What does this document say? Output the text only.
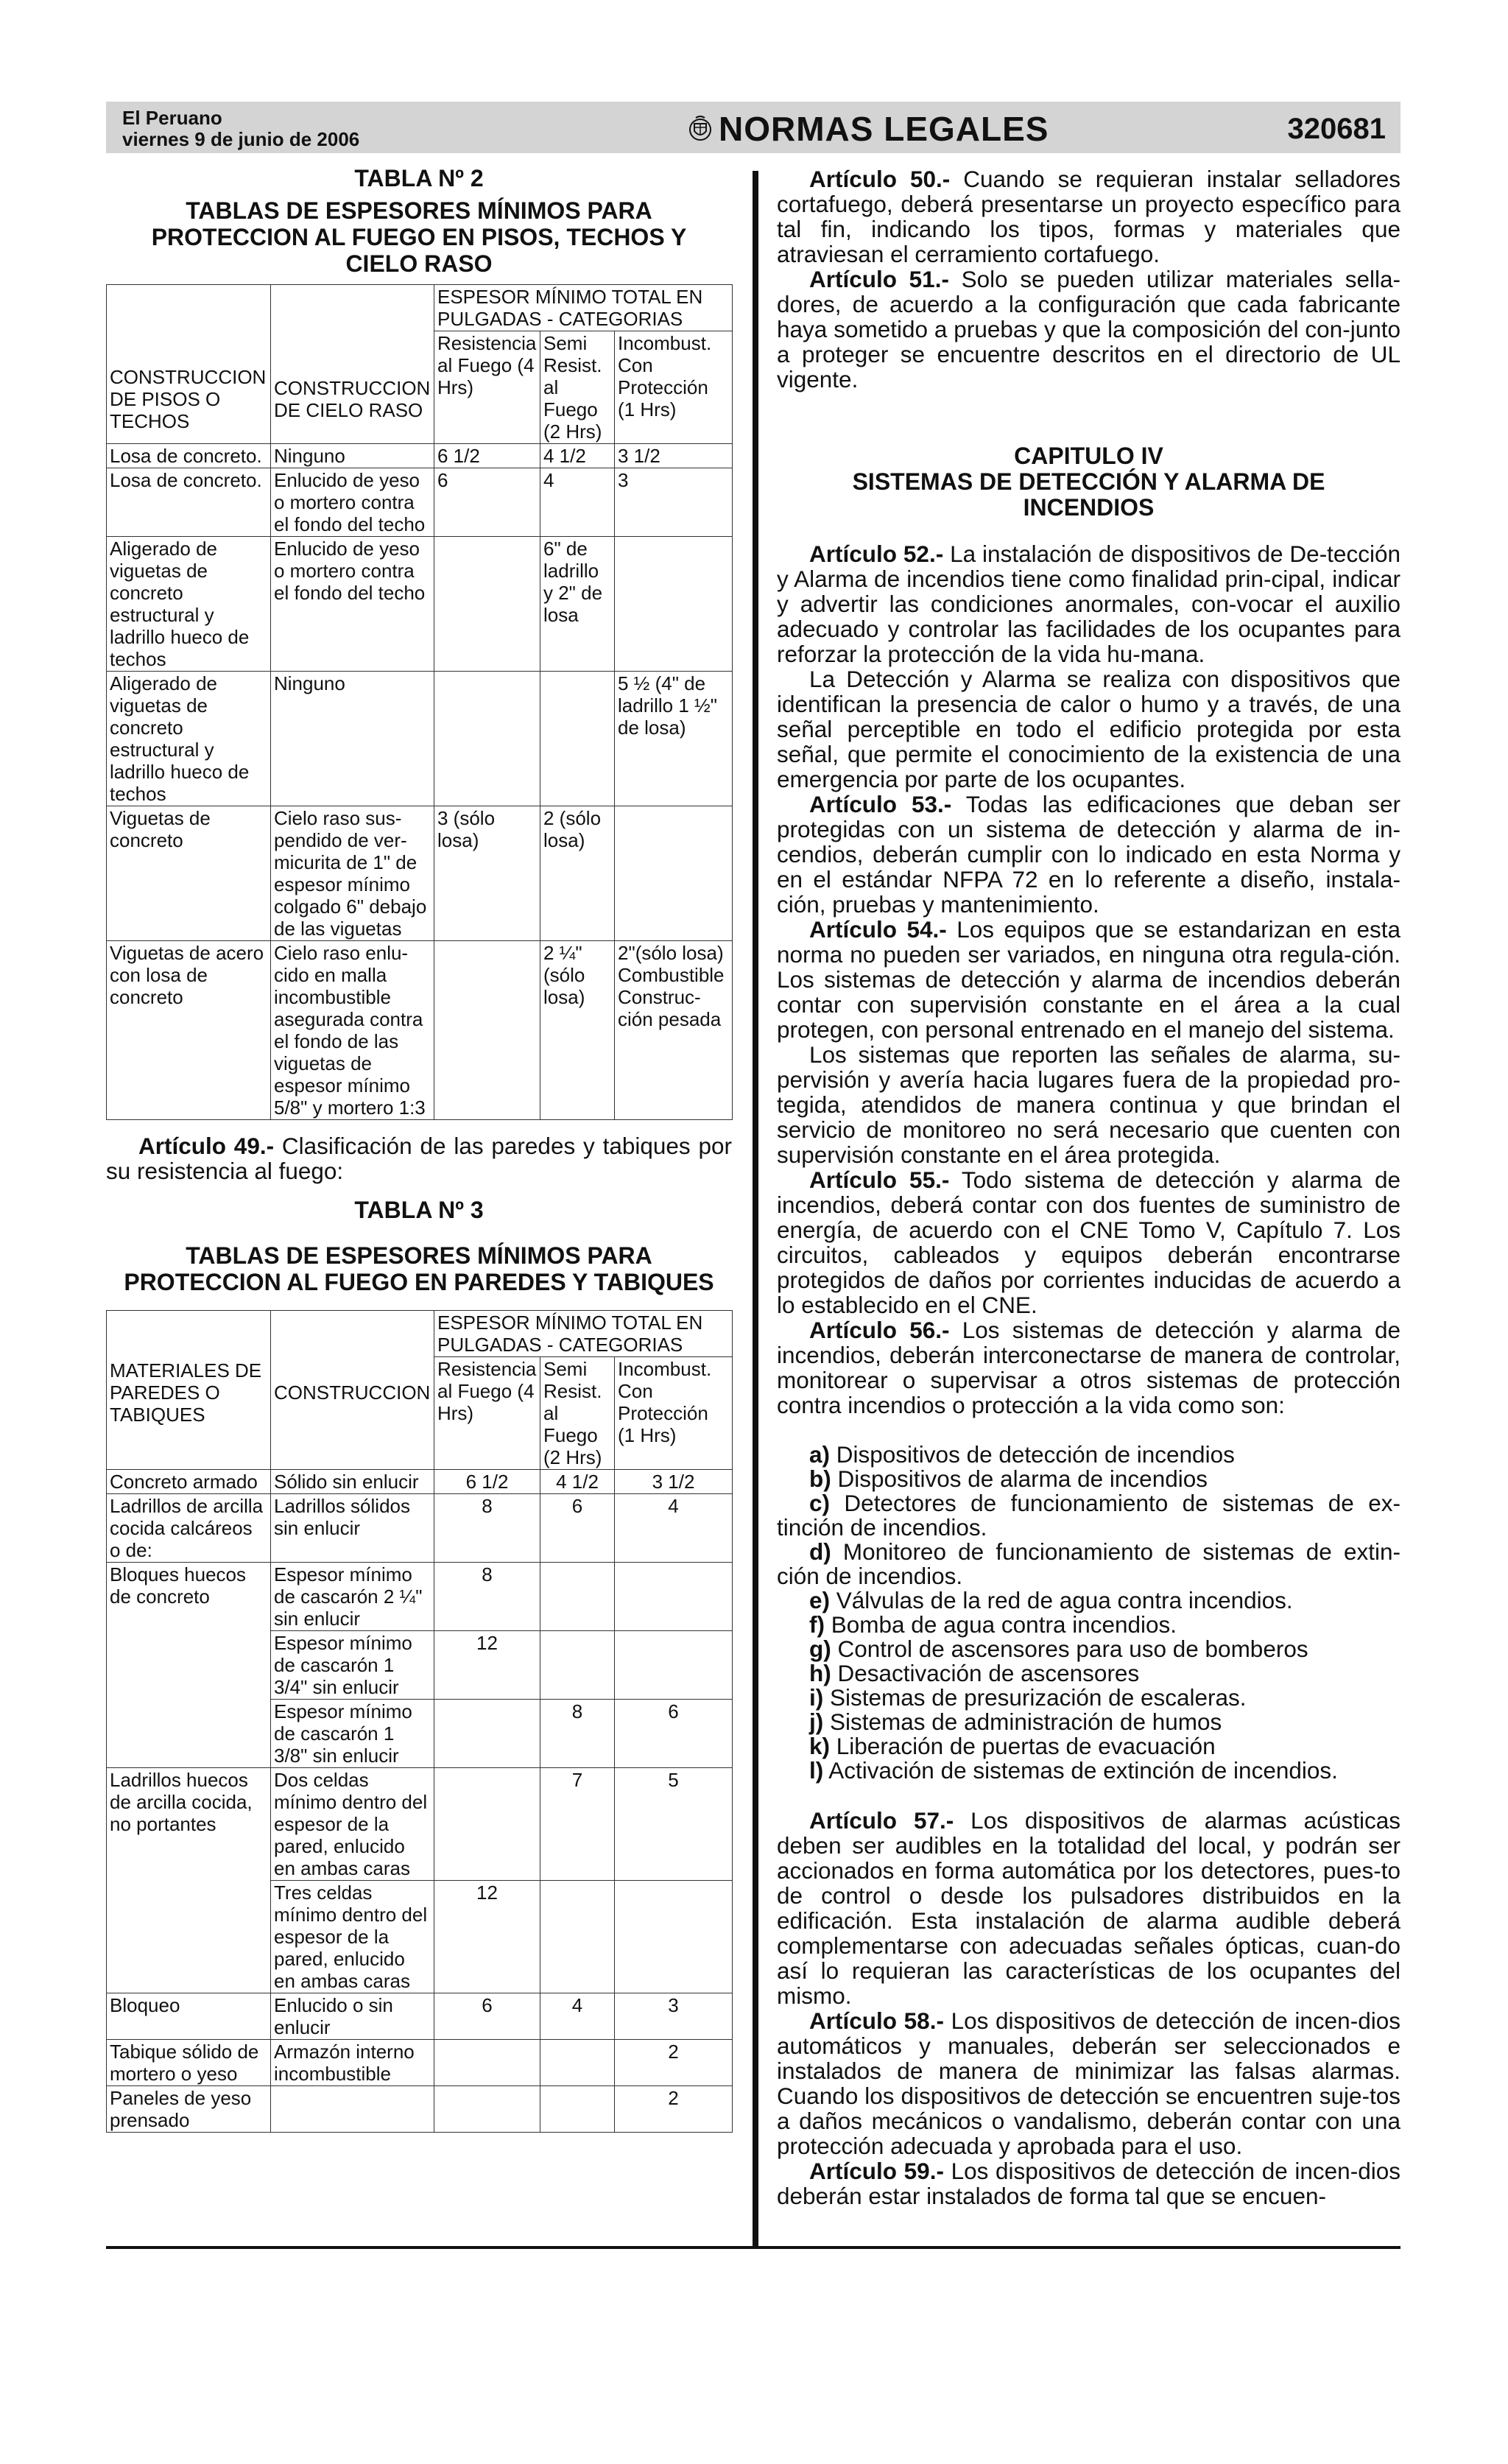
El Peruano
viernes 9 de junio de 2006	NORMAS LEGALES	320681

TABLA Nº 2

TABLAS DE ESPESORES MÍNIMOS PARA PROTECCION AL FUEGO EN PISOS, TECHOS Y CIELO RASO

CONSTRUCCION DE PISOS O TECHOS	CONSTRUCCION DE CIELO RASO	ESPESOR MÍNIMO TOTAL EN PULGADAS - CATEGORIAS		
		Resistencia al Fuego (4 Hrs)	Semi Resist. al Fuego (2 Hrs)	Incombust. Con Protección (1 Hrs)
Losa de concreto.	Ninguno	6 1/2	4 1/2	3 1/2
Losa de concreto.	Enlucido de yeso o mortero contra el fondo del techo	6	4	3
Aligerado de viguetas de concreto estructural y ladrillo hueco de techos	Enlucido de yeso o mortero contra el fondo del techo		6" de ladrillo y 2" de losa	
Aligerado de viguetas de concreto estructural y ladrillo hueco de techos	Ninguno			5 ½ (4" de ladrillo 1 ½" de losa)
Viguetas de concreto	Cielo raso sus-pendido de ver-micurita de 1" de espesor mínimo colgado 6" debajo de las viguetas	3 (sólo losa)	2 (sólo losa)	
Viguetas de acero con losa de concreto	Cielo raso enlu-cido en malla incombustible asegurada contra el fondo de las viguetas de espesor mínimo 5/8" y mortero 1:3		2 ¼" (sólo losa)	2"(sólo losa) Combustible Construc-ción pesada

Artículo 49.- Clasificación de las paredes y tabiques por su resistencia al fuego:

TABLA Nº 3

TABLAS DE ESPESORES MÍNIMOS PARA PROTECCION AL FUEGO EN PAREDES Y TABIQUES

MATERIALES DE PAREDES O TABIQUES	CONSTRUCCION	ESPESOR MÍNIMO TOTAL EN PULGADAS - CATEGORIAS		
		Resistencia al Fuego (4 Hrs)	Semi Resist. al Fuego (2 Hrs)	Incombust. Con Protección (1 Hrs)
Concreto armado	Sólido sin enlucir	6 1/2	4 1/2	3 1/2
Ladrillos de arcilla cocida calcáreos o de:	Ladrillos sólidos sin enlucir	8	6	4
Bloques huecos de concreto	Espesor mínimo de cascarón 2 ¼" sin enlucir	8		
	Espesor mínimo de cascarón 1 3/4" sin enlucir	12		
	Espesor mínimo de cascarón 1 3/8" sin enlucir		8	6
Ladrillos huecos de arcilla cocida, no portantes	Dos celdas mínimo dentro del espesor de la pared, enlucido en ambas caras		7	5
	Tres celdas mínimo dentro del espesor de la pared, enlucido en ambas caras	12		
Bloqueo	Enlucido o sin enlucir	6	4	3
Tabique sólido de mortero o yeso	Armazón interno incombustible			2
Paneles de yeso prensado				2

Artículo 50.- Cuando se requieran instalar selladores cortafuego, deberá presentarse un proyecto específico para tal fin, indicando los tipos, formas y materiales que atraviesan el cerramiento cortafuego.

Artículo 51.- Solo se pueden utilizar materiales sella-dores, de acuerdo a la configuración que cada fabricante haya sometido a pruebas y que la composición del con-junto a proteger se encuentre descritos en el directorio de UL vigente.

CAPITULO IV

SISTEMAS DE DETECCIÓN Y ALARMA DE INCENDIOS

Artículo 52.- La instalación de dispositivos de De-tección y Alarma de incendios tiene como finalidad prin-cipal, indicar y advertir las condiciones anormales, con-vocar el auxilio adecuado y controlar las facilidades de los ocupantes para reforzar la protección de la vida hu-mana.

La Detección y Alarma se realiza con dispositivos que identifican la presencia de calor o humo y a través, de una señal perceptible en todo el edificio protegida por esta señal, que permite el conocimiento de la existencia de una emergencia por parte de los ocupantes.

Artículo 53.- Todas las edificaciones que deban ser protegidas con un sistema de detección y alarma de in-cendios, deberán cumplir con lo indicado en esta Norma y en el estándar NFPA 72 en lo referente a diseño, instala-ción, pruebas y mantenimiento.

Artículo 54.- Los equipos que se estandarizan en esta norma no pueden ser variados, en ninguna otra regula-ción. Los sistemas de detección y alarma de incendios deberán contar con supervisión constante en el área a la cual protegen, con personal entrenado en el manejo del sistema.

Los sistemas que reporten las señales de alarma, su-pervisión y avería hacia lugares fuera de la propiedad pro-tegida, atendidos de manera continua y que brindan el servicio de monitoreo no será necesario que cuenten con supervisión constante en el área protegida.

Artículo 55.- Todo sistema de detección y alarma de incendios, deberá contar con dos fuentes de suministro de energía, de acuerdo con el CNE Tomo V, Capítulo 7. Los circuitos, cableados y equipos deberán encontrarse protegidos de daños por corrientes inducidas de acuerdo a lo establecido en el CNE.

Artículo 56.- Los sistemas de detección y alarma de incendios, deberán interconectarse de manera de controlar, monitorear o supervisar a otros sistemas de protección contra incendios o protección a la vida como son:

a) Dispositivos de detección de incendios
b) Dispositivos de alarma de incendios
c) Detectores de funcionamiento de sistemas de ex-tinción de incendios.
d) Monitoreo de funcionamiento de sistemas de extin-ción de incendios.
e) Válvulas de la red de agua contra incendios.
f) Bomba de agua contra incendios.
g) Control de ascensores para uso de bomberos
h) Desactivación de ascensores
i) Sistemas de presurización de escaleras.
j) Sistemas de administración de humos
k) Liberación de puertas de evacuación
l) Activación de sistemas de extinción de incendios.

Artículo 57.- Los dispositivos de alarmas acústicas deben ser audibles en la totalidad del local, y podrán ser accionados en forma automática por los detectores, pues-to de control o desde los pulsadores distribuidos en la edificación. Esta instalación de alarma audible deberá complementarse con adecuadas señales ópticas, cuan-do así lo requieran las características de los ocupantes del mismo.

Artículo 58.- Los dispositivos de detección de incen-dios automáticos y manuales, deberán ser seleccionados e instalados de manera de minimizar las falsas alarmas. Cuando los dispositivos de detección se encuentren suje-tos a daños mecánicos o vandalismo, deberán contar con una protección adecuada y aprobada para el uso.

Artículo 59.- Los dispositivos de detección de incen-dios deberán estar instalados de forma tal que se encuen-
